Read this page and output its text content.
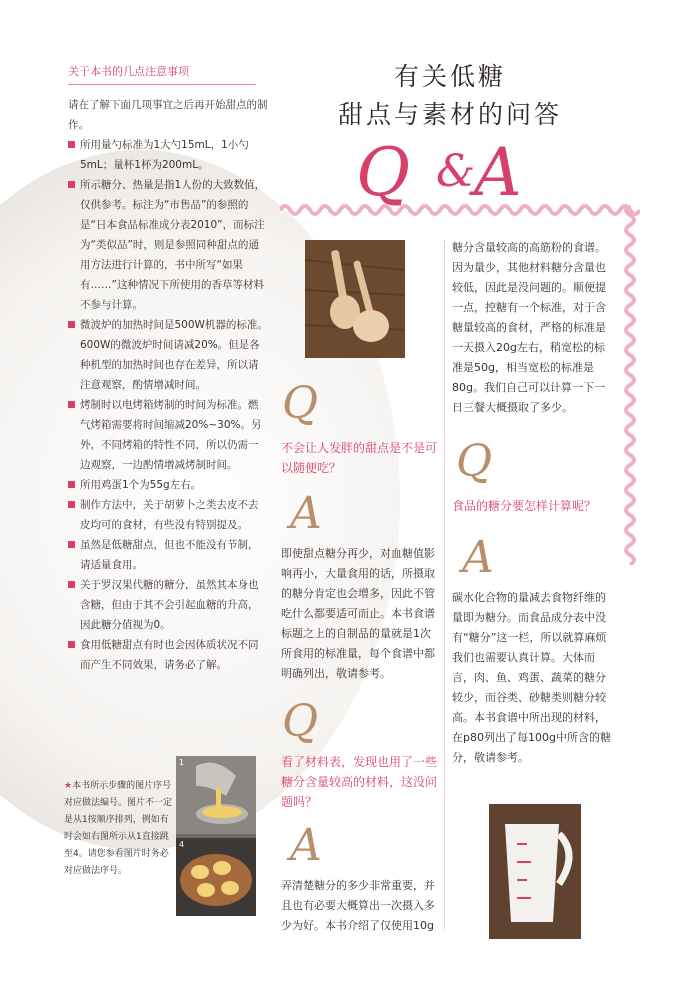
有关低糖
甜点与素材的问答
Q &
A
关于本书的几点注意事项

请在了解下面几项事宜之后再开始甜点的制作。

所用量勺标准为1大勺15mL，1小勺5mL；量杯1杯为200mL。

所示糖分、热量是指1人份的大致数值，仅供参考。标注为“市售品”的参照的是“日本食品标准成分表2010”，而标注为“类似品”时，则是参照同种甜点的通用方法进行计算的，书中所写“如果有……”这种情况下所使用的香草等材料不参与计算。

微波炉的加热时间是500W机器的标准。600W的微波炉时间请减20%。但是各种机型的加热时间也存在差异，所以请注意观察，酌情增减时间。

烤制时以电烤箱烤制的时间为标准。燃气烤箱需要将时间缩减20%~30%。另外，不同烤箱的特性不同，所以仍需一边观察，一边酌情增减烤制时间。

所用鸡蛋1个为55g左右。

制作方法中，关于胡萝卜之类去皮不去皮均可的食材，有些没有特别提及。

虽然是低糖甜点，但也不能没有节制，请适量食用。

关于罗汉果代糖的糖分，虽然其本身也含糖，但由于其不会引起血糖的升高，因此糖分值视为0。

食用低糖甜点有时也会因体质状况不同而产生不同效果，请务必了解。

★本书所示步骤的图片序号对应做法编号。图片不一定是从1按顺序排列，例如有时会如右图所示从1直接跳至4。请您参看图片时务必对应做法序号。
1
4
Q
不会让人发胖的甜点是不是可以随便吃？
A

即使甜点糖分再少，对血糖值影响再小，大量食用的话，所摄取的糖分肯定也会增多，因此不管吃什么都要适可而止。本书食谱标题之上的自制品的量就是1次所食用的标准量，每个食谱中都明确列出，敬请参考。

Q
看了材料表，发现也用了一些糖分含量较高的材料，这没问题吗？
A

弄清楚糖分的多少非常重要，并且也有必要大概算出一次摄入多少为好。本书介绍了仅使用10g

糖分含量较高的高筋粉的食谱。因为量少，其他材料糖分含量也较低，因此是没问题的。顺便提一点，控糖有一个标准，对于含糖量较高的食材，严格的标准是一天摄入20g左右，稍宽松的标准是50g，相当宽松的标准是80g。我们自己可以计算一下一日三餐大概摄取了多少。

Q
食品的糖分要怎样计算呢？
A

碳水化合物的量减去食物纤维的量即为糖分。而食品成分表中没有“糖分”这一栏，所以就算麻烦我们也需要认真计算。大体而言，肉、鱼、鸡蛋、蔬菜的糖分较少，而谷类、砂糖类则糖分较高。本书食谱中所出现的材料，在p80列出了每100g中所含的糖分，敬请参考。
